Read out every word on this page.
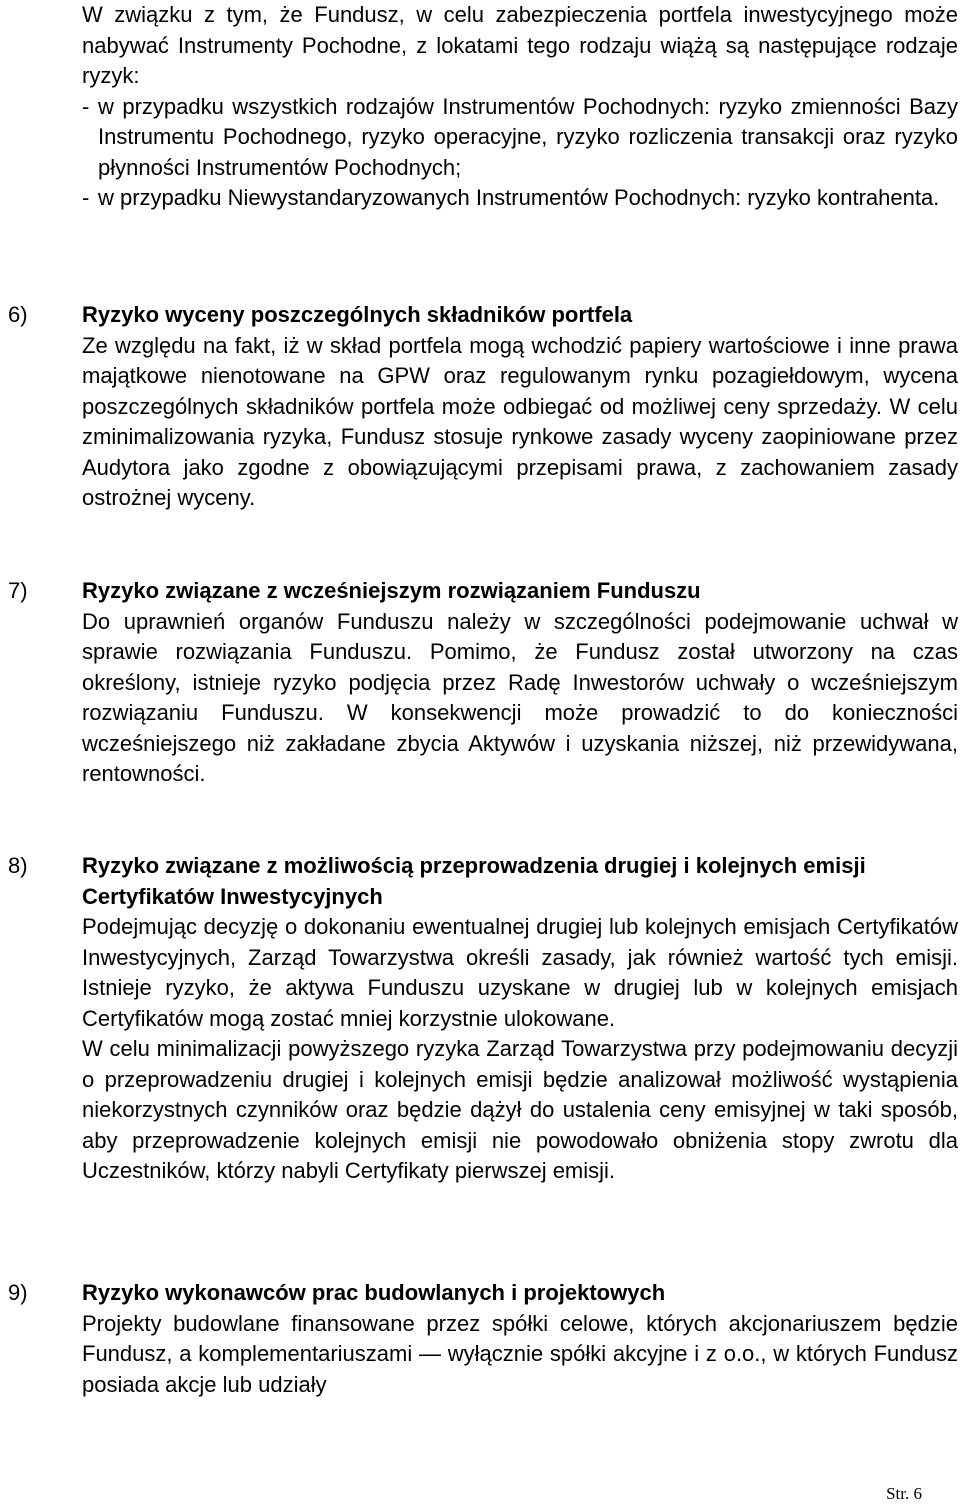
W związku z tym, że Fundusz, w celu zabezpieczenia portfela inwestycyjnego może nabywać Instrumenty Pochodne, z lokatami tego rodzaju wiążą są następujące rodzaje ryzyk:

- w przypadku wszystkich rodzajów Instrumentów Pochodnych: ryzyko zmienności Bazy Instrumentu Pochodnego, ryzyko operacyjne, ryzyko rozliczenia transakcji oraz ryzyko płynności Instrumentów Pochodnych;
- w przypadku Niewystandaryzowanych Instrumentów Pochodnych: ryzyko kontrahenta.
6) Ryzyko wyceny poszczególnych składników portfela

Ze względu na fakt, iż w skład portfela mogą wchodzić papiery wartościowe i inne prawa majątkowe nienotowane na GPW oraz regulowanym rynku pozagiełdowym, wycena poszczególnych składników portfela może odbiegać od możliwej ceny sprzedaży. W celu zminimalizowania ryzyka, Fundusz stosuje rynkowe zasady wyceny zaopiniowane przez Audytora jako zgodne z obowiązującymi przepisami prawa, z zachowaniem zasady ostrożnej wyceny.

7) Ryzyko związane z wcześniejszym rozwiązaniem Funduszu

Do uprawnień organów Funduszu należy w szczególności podejmowanie uchwał w sprawie rozwiązania Funduszu. Pomimo, że Fundusz został utworzony na czas określony, istnieje ryzyko podjęcia przez Radę Inwestorów uchwały o wcześniejszym rozwiązaniu Funduszu. W konsekwencji może prowadzić to do konieczności wcześniejszego niż zakładane zbycia Aktywów i uzyskania niższej, niż przewidywana, rentowności.

8) Ryzyko związane z możliwością przeprowadzenia drugiej i kolejnych emisji Certyfikatów Inwestycyjnych

Podejmując decyzję o dokonaniu ewentualnej drugiej lub kolejnych emisjach Certyfikatów Inwestycyjnych, Zarząd Towarzystwa określi zasady, jak również wartość tych emisji. Istnieje ryzyko, że aktywa Funduszu uzyskane w drugiej lub w kolejnych emisjach Certyfikatów mogą zostać mniej korzystnie ulokowane.

W celu minimalizacji powyższego ryzyka Zarząd Towarzystwa przy podejmowaniu decyzji o przeprowadzeniu drugiej i kolejnych emisji będzie analizował możliwość wystąpienia niekorzystnych czynników oraz będzie dążył do ustalenia ceny emisyjnej w taki sposób, aby przeprowadzenie kolejnych emisji nie powodowało obniżenia stopy zwrotu dla Uczestników, którzy nabyli Certyfikaty pierwszej emisji.

9) Ryzyko wykonawców prac budowlanych i projektowych

Projekty budowlane finansowane przez spółki celowe, których akcjonariuszem będzie Fundusz, a komplementariuszami — wyłącznie spółki akcyjne i z o.o., w których Fundusz posiada akcje lub udziały

Str. 6
